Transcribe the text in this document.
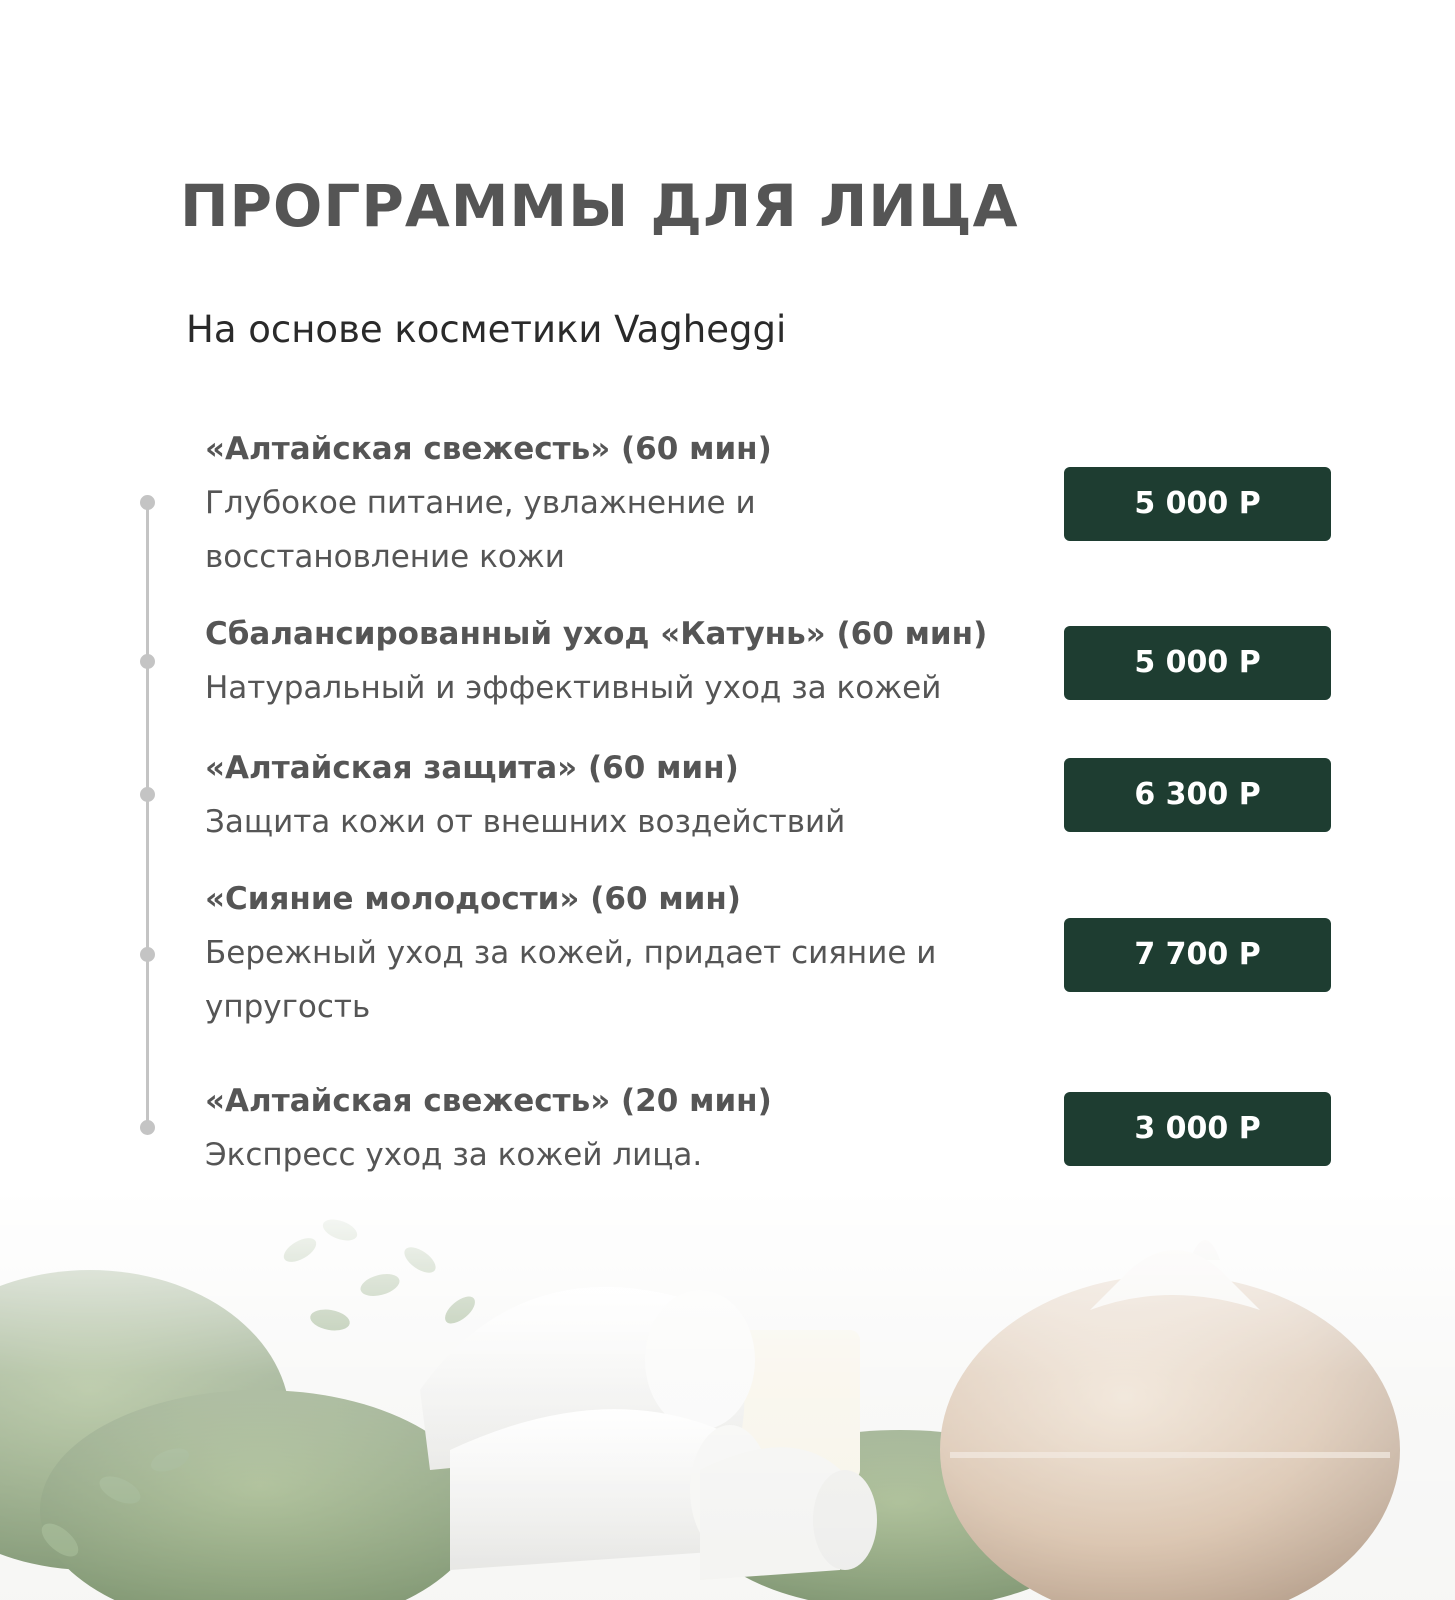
ПРОГРАММЫ ДЛЯ ЛИЦА

На основе косметики Vagheggi

«Алтайская свежесть» (60 мин)
Глубокое питание, увлажнение и восстановление кожи
5 000 Р
Сбалансированный уход «Катунь» (60 мин)
Натуральный и эффективный уход за кожей
5 000 Р
«Алтайская защита» (60 мин)
Защита кожи от внешних воздействий
6 300 Р
«Сияние молодости» (60 мин)
Бережный уход за кожей, придает сияние и упругость
7 700 Р
«Алтайская свежесть» (20 мин)
Экспресс уход за кожей лица.
3 000 Р
